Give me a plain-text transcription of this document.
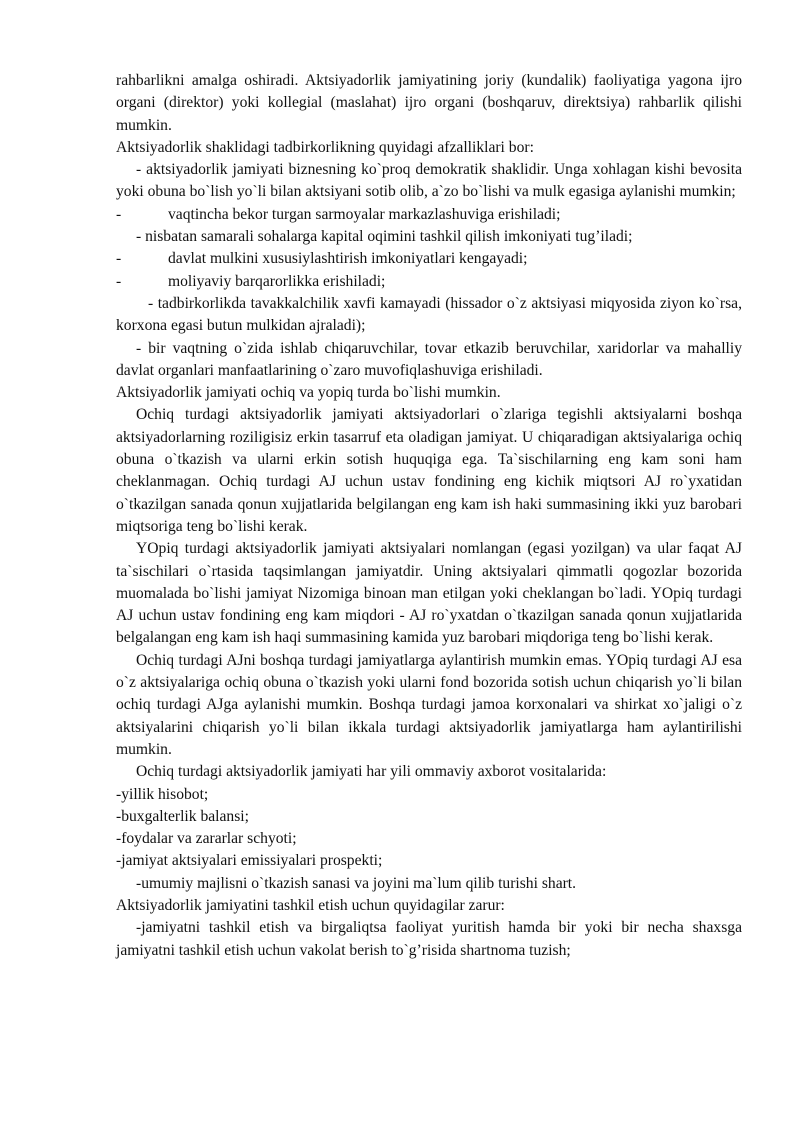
rahbarlikni amalga oshiradi. Aktsiyadorlik jamiyatining joriy (kundalik) faoliyatiga yagona ijro organi (direktor) yoki kollegial (maslahat) ijro organi (boshqaruv, direktsiya) rahbarlik qilishi mumkin.

Aktsiyadorlik shaklidagi tadbirkorlikning quyidagi afzalliklari bor:

- aktsiyadorlik jamiyati biznesning ko`proq demokratik shaklidir. Unga xohlagan kishi bevosita yoki obuna bo`lish yo`li bilan aktsiyani sotib olib, a`zo bo`lishi va mulk egasiga aylanishi mumkin;

-	vaqtincha bekor turgan sarmoyalar markazlashuviga erishiladi;

- nisbatan samarali sohalarga kapital oqimini tashkil qilish imkoniyati tug’iladi;

-	davlat mulkini xususiylashtirish imkoniyatlari kengayadi;
-	moliyaviy barqarorlikka erishiladi;

- tadbirkorlikda tavakkalchilik xavfi kamayadi (hissador o`z aktsiyasi miqyosida ziyon ko`rsa, korxona egasi butun mulkidan ajraladi);

- bir vaqtning o`zida ishlab chiqaruvchilar, tovar etkazib beruvchilar, xaridorlar va mahalliy davlat organlari manfaatlarining o`zaro muvofiqlashuviga erishiladi.

Aktsiyadorlik jamiyati ochiq va yopiq turda bo`lishi mumkin.

Ochiq turdagi aktsiyadorlik jamiyati aktsiyadorlari o`zlariga tegishli aktsiyalarni boshqa aktsiyadorlarning roziligisiz erkin tasarruf eta oladigan jamiyat. U chiqaradigan aktsiyalariga ochiq obuna o`tkazish va ularni erkin sotish huquqiga ega. Ta`sischilarning eng kam soni ham cheklanmagan. Ochiq turdagi AJ uchun ustav fondining eng kichik miqtsori AJ ro`yxatidan o`tkazilgan sanada qonun xujjatlarida belgilangan eng kam ish haki summasining ikki yuz barobari miqtsoriga teng bo`lishi kerak.

YOpiq turdagi aktsiyadorlik jamiyati aktsiyalari nomlangan (egasi yozilgan) va ular faqat AJ ta`sischilari o`rtasida taqsimlangan jamiyatdir. Uning aktsiyalari qimmatli qogozlar bozorida muomalada bo`lishi jamiyat Nizomiga binoan man etilgan yoki cheklangan bo`ladi. YOpiq turdagi AJ uchun ustav fondining eng kam miqdori - AJ ro`yxatdan o`tkazilgan sanada qonun xujjatlarida belgalangan eng kam ish haqi summasining kamida yuz barobari miqdoriga teng bo`lishi kerak.

Ochiq turdagi AJni boshqa turdagi jamiyatlarga aylantirish mumkin emas. YOpiq turdagi AJ esa o`z aktsiyalariga ochiq obuna o`tkazish yoki ularni fond bozorida sotish uchun chiqarish yo`li bilan ochiq turdagi AJga aylanishi mumkin. Boshqa turdagi jamoa korxonalari va shirkat xo`jaligi o`z aktsiyalarini chiqarish yo`li bilan ikkala turdagi aktsiyadorlik jamiyatlarga ham aylantirilishi mumkin.

Ochiq turdagi aktsiyadorlik jamiyati har yili ommaviy axborot vositalarida:

-yillik hisobot;

-buxgalterlik balansi;

-foydalar va zararlar schyoti;

-jamiyat aktsiyalari emissiyalari prospekti;

-umumiy majlisni o`tkazish sanasi va joyini ma`lum qilib turishi shart.

Aktsiyadorlik jamiyatini tashkil etish uchun quyidagilar zarur:

-jamiyatni tashkil etish va birgaliqtsa faoliyat yuritish hamda bir yoki bir necha shaxsga jamiyatni tashkil etish uchun vakolat berish to`g’risida shartnoma tuzish;
